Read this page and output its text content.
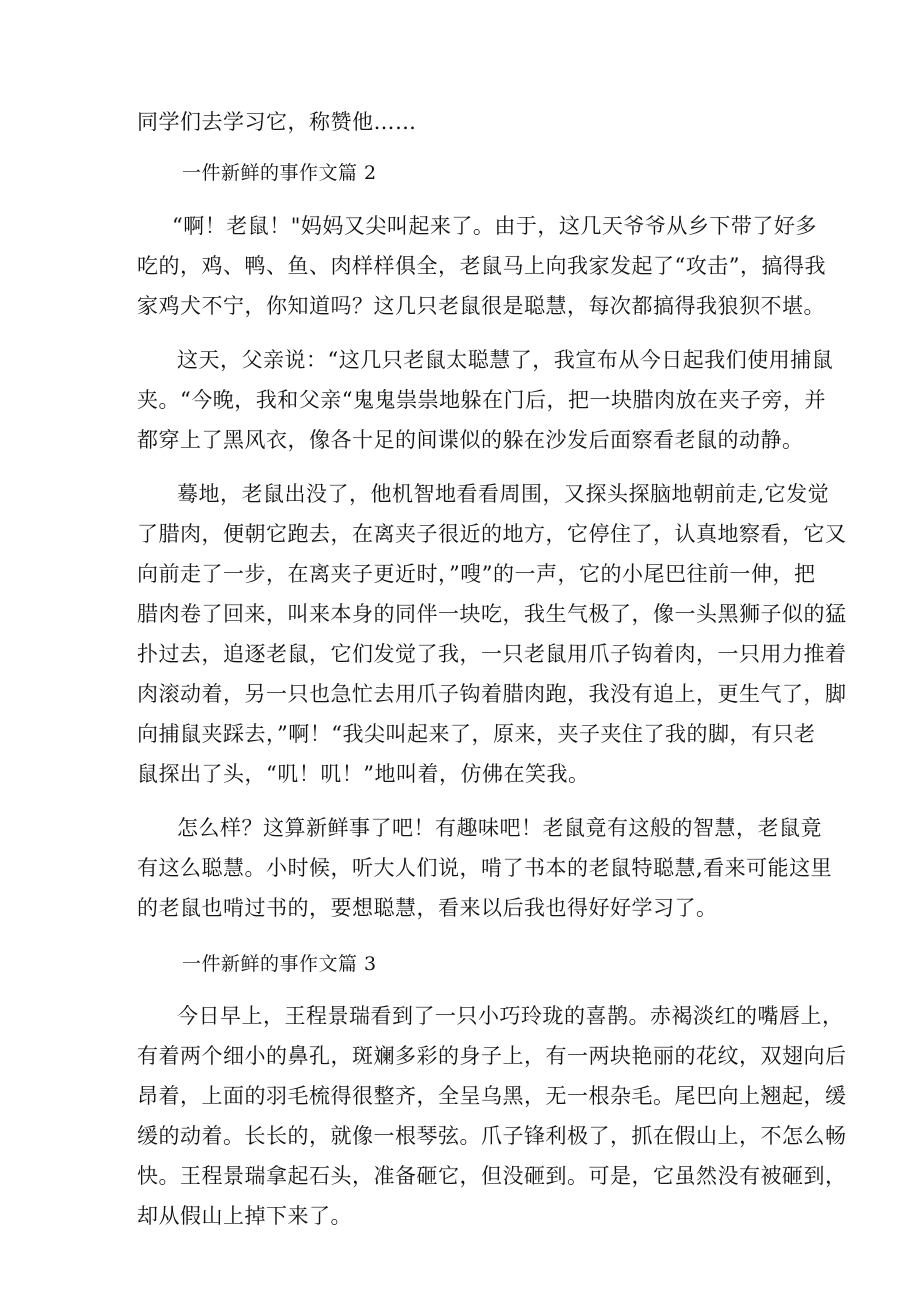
同学们去学习它，称赞他……
一件新鲜的事作文篇 2
“啊！老鼠！"妈妈又尖叫起来了。由于，这几天爷爷从乡下带了好多
吃的，鸡、鸭、鱼、肉样样俱全，老鼠马上向我家发起了“攻击”，搞得我
家鸡犬不宁，你知道吗？这几只老鼠很是聪慧，每次都搞得我狼狈不堪。
这天，父亲说：“这几只老鼠太聪慧了，我宣布从今日起我们使用捕鼠
夹。“今晚，我和父亲“鬼鬼祟祟地躲在门后，把一块腊肉放在夹子旁，并
都穿上了黑风衣，像各十足的间谍似的躲在沙发后面察看老鼠的动静。
蓦地，老鼠出没了，他机智地看看周围，又探头探脑地朝前走,它发觉
了腊肉，便朝它跑去，在离夹子很近的地方，它停住了，认真地察看，它又
向前走了一步，在离夹子更近时，”嗖”的一声，它的小尾巴往前一伸，把
腊肉卷了回来，叫来本身的同伴一块吃，我生气极了，像一头黑狮子似的猛
扑过去，追逐老鼠，它们发觉了我，一只老鼠用爪子钩着肉，一只用力推着
肉滚动着，另一只也急忙去用爪子钩着腊肉跑，我没有追上，更生气了，脚
向捕鼠夹踩去，”啊！“我尖叫起来了，原来，夹子夹住了我的脚，有只老
鼠探出了头，“叽！叽！”地叫着，仿佛在笑我。
怎么样？这算新鲜事了吧！有趣味吧！老鼠竟有这般的智慧，老鼠竟
有这么聪慧。小时候，听大人们说，啃了书本的老鼠特聪慧,看来可能这里
的老鼠也啃过书的，要想聪慧，看来以后我也得好好学习了。
一件新鲜的事作文篇 3
今日早上，王程景瑞看到了一只小巧玲珑的喜鹊。赤褐淡红的嘴唇上，
有着两个细小的鼻孔，斑斓多彩的身子上，有一两块艳丽的花纹，双翅向后
昂着，上面的羽毛梳得很整齐，全呈乌黑，无一根杂毛。尾巴向上翘起，缓
缓的动着。长长的，就像一根琴弦。爪子锋利极了，抓在假山上，不怎么畅
快。王程景瑞拿起石头，准备砸它，但没砸到。可是，它虽然没有被砸到，
却从假山上掉下来了。
